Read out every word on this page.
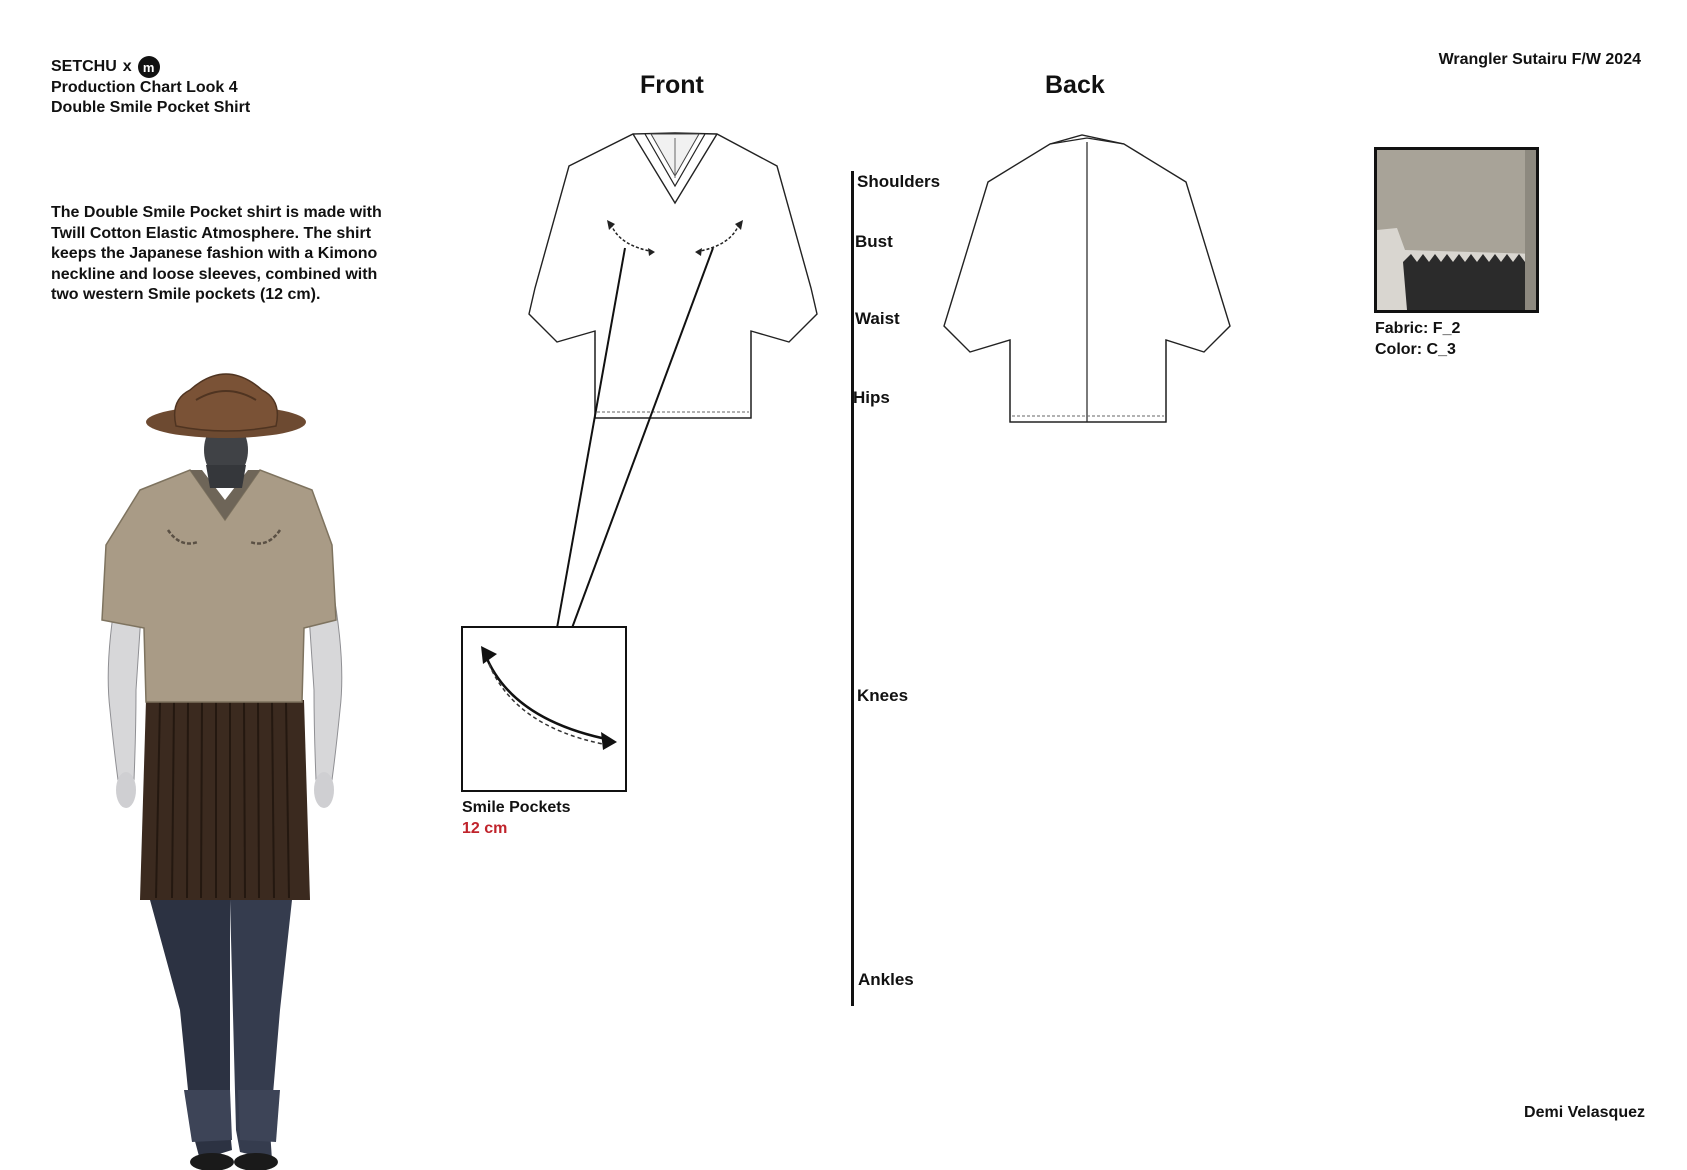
SETCHU x m
Production Chart Look 4
Double Smile Pocket Shirt
Wrangler Sutairu F/W 2024
The Double Smile Pocket shirt is made with Twill Cotton Elastic Atmosphere. The shirt keeps the Japanese fashion with a Kimono neckline and loose sleeves, combined with two western Smile pockets (12 cm).
Front	Back
Shoulders
Bust
Waist
Hips
Knees
Ankles
Fabric: F_2
Color: C_3
Smile Pockets
12 cm
Demi Velasquez
